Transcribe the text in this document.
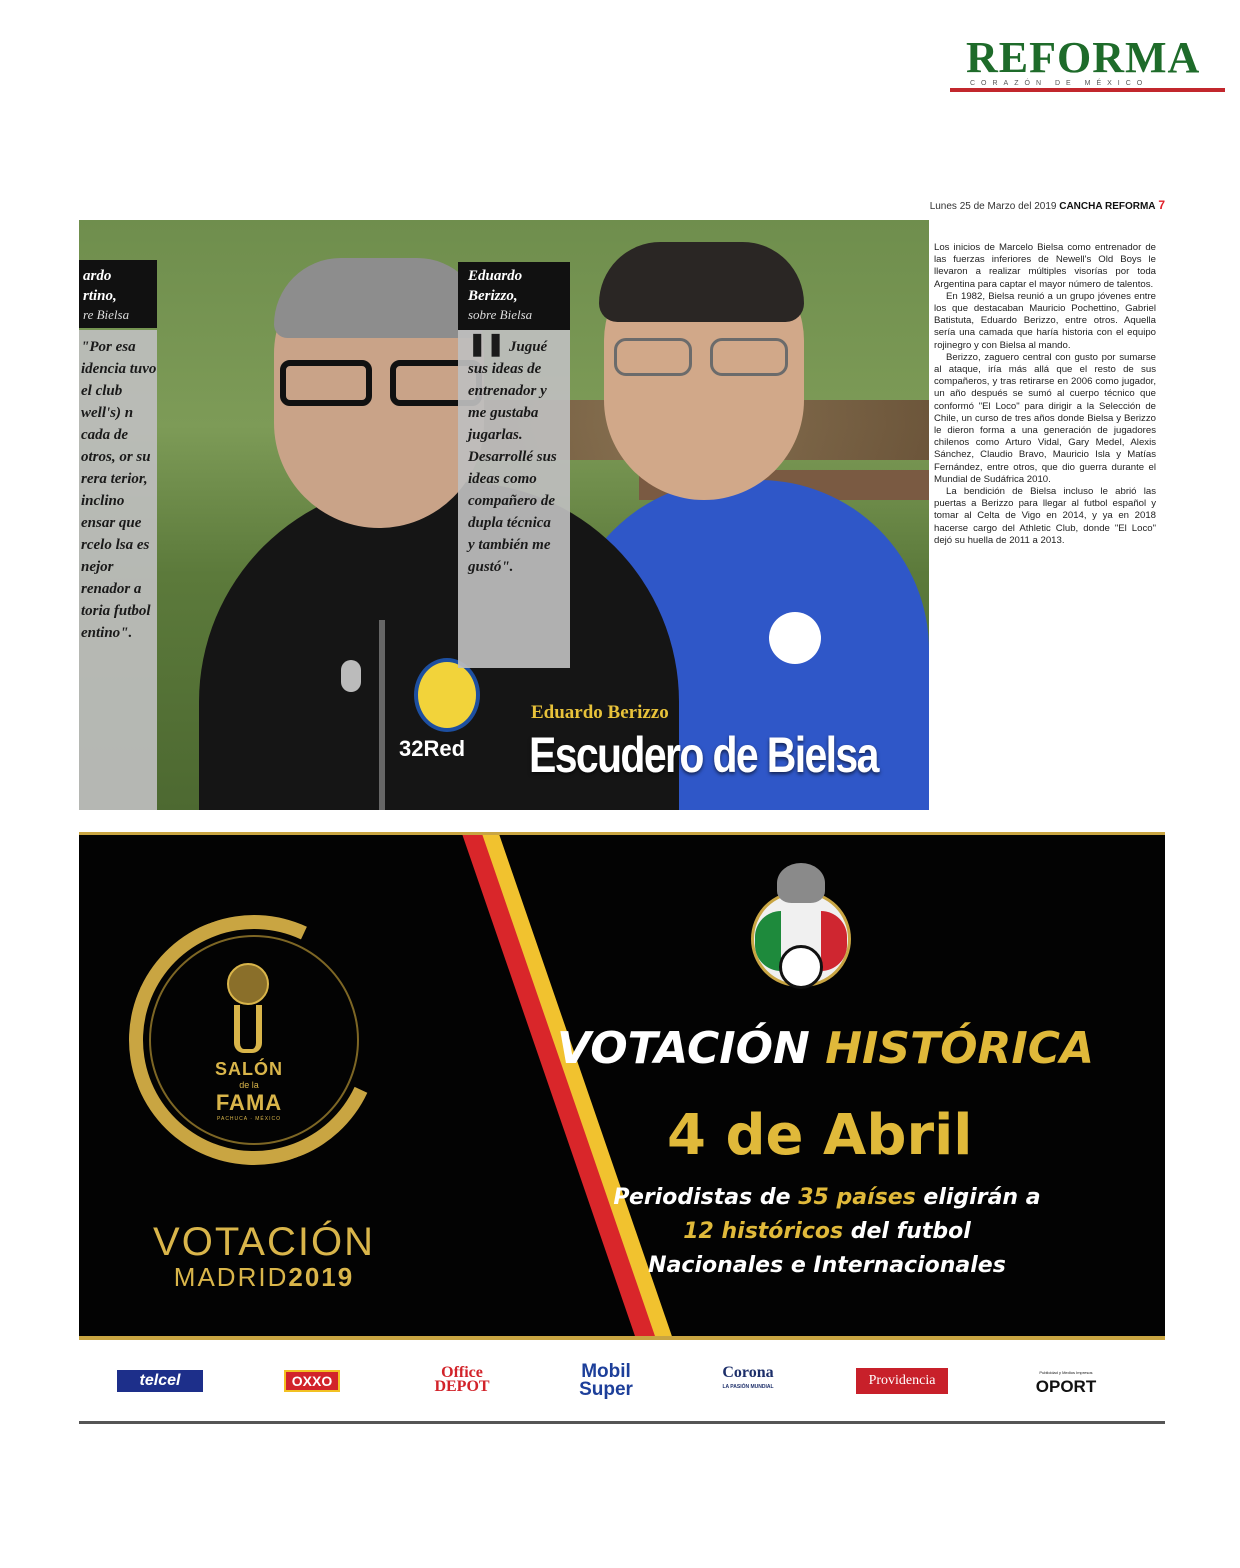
REFORMA
CORAZÓN DE MÉXICO
Lunes 25 de Marzo del 2019 CANCHA REFORMA 7
32Red
ardo
rtino,
re Bielsa
"Por esa idencia tuvo el club well's) n cada de otros, or su rera terior, inclino ensar que rcelo lsa es nejor renador a toria futbol entino".
Eduardo
Berizzo,
sobre Bielsa
❚❚ Jugué sus ideas de entrenador y me gustaba jugarlas. Desarrollé sus ideas como compañero de dupla técnica y también me gustó".
Eduardo Berizzo
Escudero de Bielsa

Los inicios de Marcelo Bielsa como entrenador de las fuerzas inferiores de Newell's Old Boys le llevaron a realizar múltiples visorías por toda Argentina para captar el mayor número de talentos.

En 1982, Bielsa reunió a un grupo jóvenes entre los que destacaban Mauricio Pochettino, Gabriel Batistuta, Eduardo Berizzo, entre otros. Aquella sería una camada que haría historia con el equipo rojinegro y con Bielsa al mando.

Berizzo, zaguero central con gusto por sumarse al ataque, iría más allá que el resto de sus compañeros, y tras retirarse en 2006 como jugador, un año después se sumó al cuerpo técnico que conformó "El Loco" para dirigir a la Selección de Chile, un curso de tres años donde Bielsa y Berizzo le dieron forma a una generación de jugadores chilenos como Arturo Vidal, Gary Medel, Alexis Sánchez, Claudio Bravo, Mauricio Isla y Matías Fernández, entre otros, que dio guerra durante el Mundial de Sudáfrica 2010.

La bendición de Bielsa incluso le abrió las puertas a Berizzo para llegar al futbol español y tomar al Celta de Vigo en 2014, y ya en 2018 hacerse cargo del Athletic Club, donde "El Loco" dejó su huella de 2011 a 2013.

SALÓN
de la
FAMA
PACHUCA · MÉXICO
VOTACIÓN
MADRID2019
VOTACIÓN HISTÓRICA
4 de Abril
Periodistas de 35 países eligirán a
12 históricos del futbol
Nacionales e Internacionales
telcel	OXXO	Office
DEPOT
Mobil
Super
Corona
LA PASIÓN MUNDIAL	Providencia
Publicidad y Medios Impresos
OPORT
